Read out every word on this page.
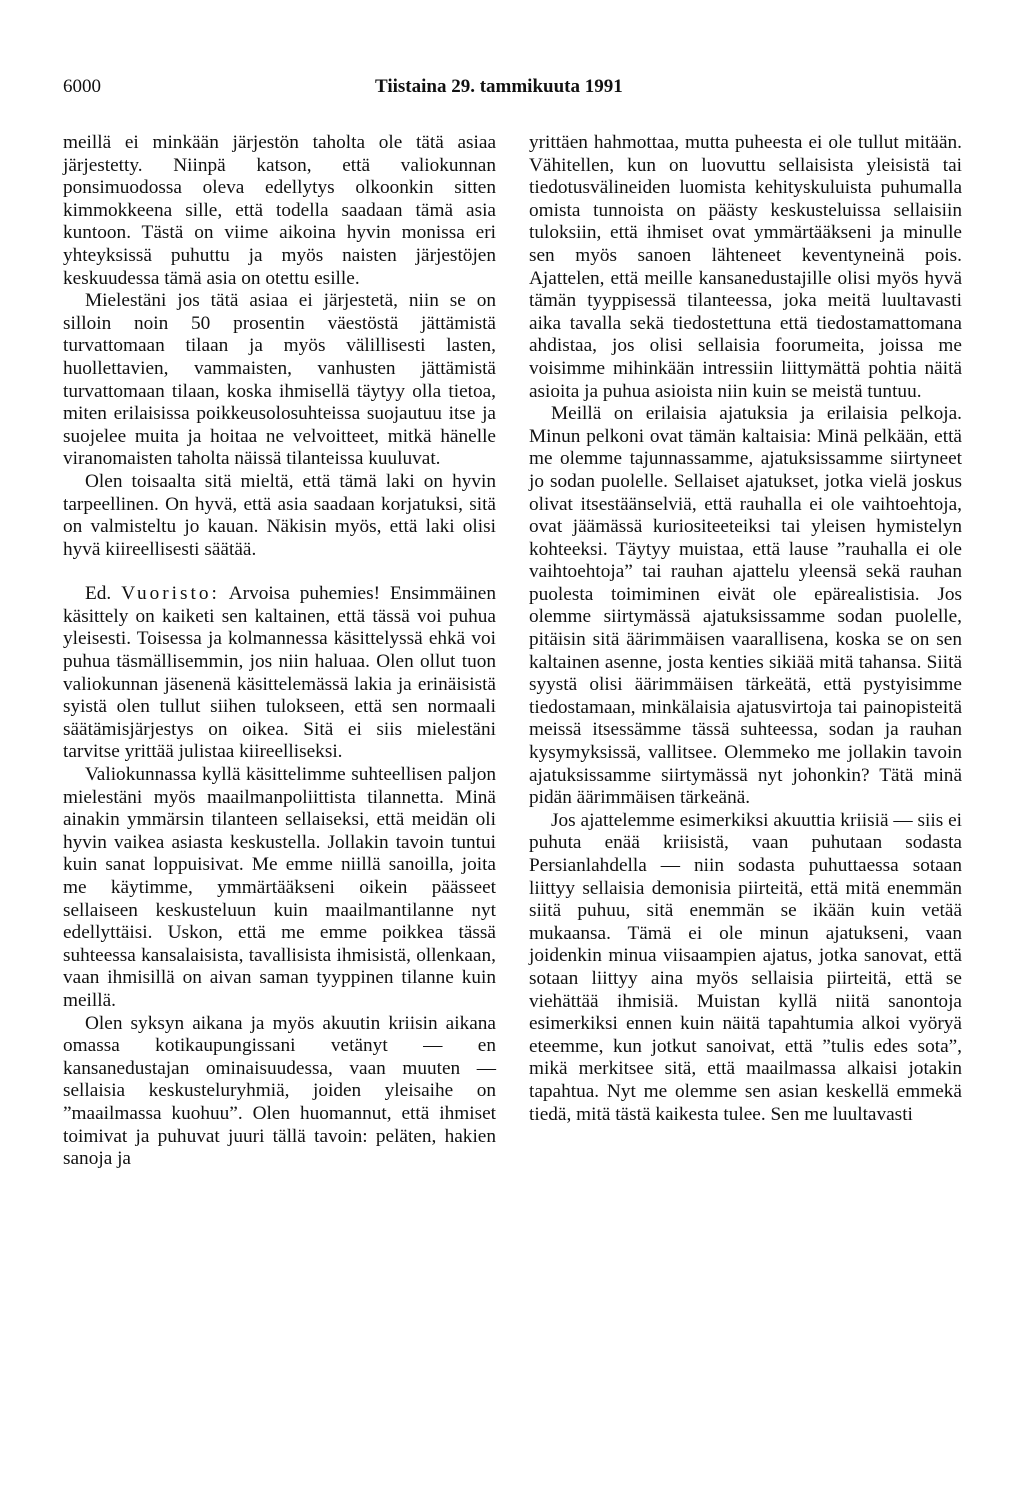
6000	Tiistaina 29. tammikuuta 1991

meillä ei minkään järjestön taholta ole tätä asiaa järjestetty. Niinpä katson, että valiokunnan ponsimuodossa oleva edellytys olkoonkin sitten kimmokkeena sille, että todella saadaan tämä asia kuntoon. Tästä on viime aikoina hyvin monissa eri yhteyksissä puhuttu ja myös naisten järjestöjen keskuudessa tämä asia on otettu esille.

Mielestäni jos tätä asiaa ei järjestetä, niin se on silloin noin 50 prosentin väestöstä jättämistä turvattomaan tilaan ja myös välillisesti lasten, huollettavien, vammaisten, vanhusten jättämistä turvattomaan tilaan, koska ihmisellä täytyy olla tietoa, miten erilaisissa poikkeusolosuhteissa suojautuu itse ja suojelee muita ja hoitaa ne velvoitteet, mitkä hänelle viranomaisten taholta näissä tilanteissa kuuluvat.

Olen toisaalta sitä mieltä, että tämä laki on hyvin tarpeellinen. On hyvä, että asia saadaan korjatuksi, sitä on valmisteltu jo kauan. Näkisin myös, että laki olisi hyvä kiireellisesti säätää.

Ed. Vuoristo: Arvoisa puhemies! Ensimmäinen käsittely on kaiketi sen kaltainen, että tässä voi puhua yleisesti. Toisessa ja kolmannessa käsittelyssä ehkä voi puhua täsmällisemmin, jos niin haluaa. Olen ollut tuon valiokunnan jäsenenä käsittelemässä lakia ja erinäisistä syistä olen tullut siihen tulokseen, että sen normaali säätämisjärjestys on oikea. Sitä ei siis mielestäni tarvitse yrittää julistaa kiireelliseksi.

Valiokunnassa kyllä käsittelimme suhteellisen paljon mielestäni myös maailmanpoliittista tilannetta. Minä ainakin ymmärsin tilanteen sellaiseksi, että meidän oli hyvin vaikea asiasta keskustella. Jollakin tavoin tuntui kuin sanat loppuisivat. Me emme niillä sanoilla, joita me käytimme, ymmärtääkseni oikein päässeet sellaiseen keskusteluun kuin maailmantilanne nyt edellyttäisi. Uskon, että me emme poikkea tässä suhteessa kansalaisista, tavallisista ihmisistä, ollenkaan, vaan ihmisillä on aivan saman tyyppinen tilanne kuin meillä.

Olen syksyn aikana ja myös akuutin kriisin aikana omassa kotikaupungissani vetänyt — en kansanedustajan ominaisuudessa, vaan muuten — sellaisia keskusteluryhmiä, joiden yleisaihe on ”maailmassa kuohuu”. Olen huomannut, että ihmiset toimivat ja puhuvat juuri tällä tavoin: peläten, hakien sanoja ja

yrittäen hahmottaa, mutta puheesta ei ole tullut mitään. Vähitellen, kun on luovuttu sellaisista yleisistä tai tiedotusvälineiden luomista kehityskuluista puhumalla omista tunnoista on päästy keskusteluissa sellaisiin tuloksiin, että ihmiset ovat ymmärtääkseni ja minulle sen myös sanoen lähteneet keventyneinä pois. Ajattelen, että meille kansanedustajille olisi myös hyvä tämän tyyppisessä tilanteessa, joka meitä luultavasti aika tavalla sekä tiedostettuna että tiedostamattomana ahdistaa, jos olisi sellaisia foorumeita, joissa me voisimme mihinkään intressiin liittymättä pohtia näitä asioita ja puhua asioista niin kuin se meistä tuntuu.

Meillä on erilaisia ajatuksia ja erilaisia pelkoja. Minun pelkoni ovat tämän kaltaisia: Minä pelkään, että me olemme tajunnassamme, ajatuksissamme siirtyneet jo sodan puolelle. Sellaiset ajatukset, jotka vielä joskus olivat itsestäänselviä, että rauhalla ei ole vaihtoehtoja, ovat jäämässä kuriositeeteiksi tai yleisen hymistelyn kohteeksi. Täytyy muistaa, että lause ”rauhalla ei ole vaihtoehtoja” tai rauhan ajattelu yleensä sekä rauhan puolesta toimiminen eivät ole epärealistisia. Jos olemme siirtymässä ajatuksissamme sodan puolelle, pitäisin sitä äärimmäisen vaarallisena, koska se on sen kaltainen asenne, josta kenties sikiää mitä tahansa. Siitä syystä olisi äärimmäisen tärkeätä, että pystyisimme tiedostamaan, minkälaisia ajatusvirtoja tai painopisteitä meissä itsessämme tässä suhteessa, sodan ja rauhan kysymyksissä, vallitsee. Olemmeko me jollakin tavoin ajatuksissamme siirtymässä nyt johonkin? Tätä minä pidän äärimmäisen tärkeänä.

Jos ajattelemme esimerkiksi akuuttia kriisiä — siis ei puhuta enää kriisistä, vaan puhutaan sodasta Persianlahdella — niin sodasta puhuttaessa sotaan liittyy sellaisia demonisia piirteitä, että mitä enemmän siitä puhuu, sitä enemmän se ikään kuin vetää mukaansa. Tämä ei ole minun ajatukseni, vaan joidenkin minua viisaampien ajatus, jotka sanovat, että sotaan liittyy aina myös sellaisia piirteitä, että se viehättää ihmisiä. Muistan kyllä niitä sanontoja esimerkiksi ennen kuin näitä tapahtumia alkoi vyöryä eteemme, kun jotkut sanoivat, että ”tulis edes sota”, mikä merkitsee sitä, että maailmassa alkaisi jotakin tapahtua. Nyt me olemme sen asian keskellä emmekä tiedä, mitä tästä kaikesta tulee. Sen me luultavasti
